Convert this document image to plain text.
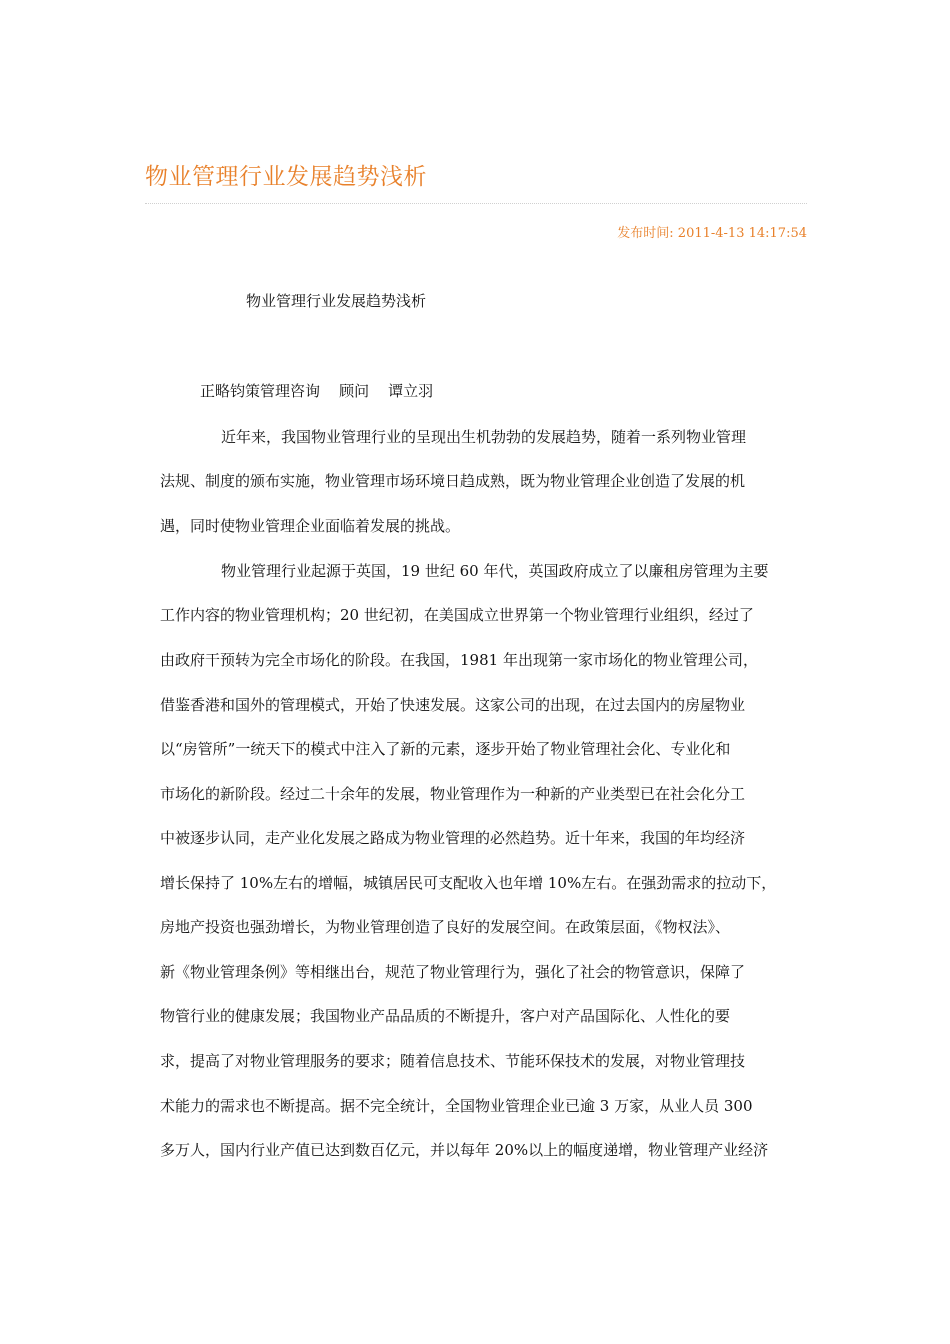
物业管理行业发展趋势浅析
发布时间: 2011-4-13 14:17:54
物业管理行业发展趋势浅析
正略钧策管理咨询    顾问    谭立羽
近年来，我国物业管理行业的呈现出生机勃勃的发展趋势，随着一系列物业管理
法规、制度的颁布实施，物业管理市场环境日趋成熟，既为物业管理企业创造了发展的机
遇，同时使物业管理企业面临着发展的挑战。
物业管理行业起源于英国，19 世纪 60 年代，英国政府成立了以廉租房管理为主要
工作内容的物业管理机构；20 世纪初，在美国成立世界第一个物业管理行业组织，经过了
由政府干预转为完全市场化的阶段。在我国，1981 年出现第一家市场化的物业管理公司，
借鉴香港和国外的管理模式，开始了快速发展。这家公司的出现，在过去国内的房屋物业
以“房管所”一统天下的模式中注入了新的元素，逐步开始了物业管理社会化、专业化和
市场化的新阶段。经过二十余年的发展，物业管理作为一种新的产业类型已在社会化分工
中被逐步认同，走产业化发展之路成为物业管理的必然趋势。近十年来，我国的年均经济
增长保持了 10%左右的增幅，城镇居民可支配收入也年增 10%左右。在强劲需求的拉动下，
房地产投资也强劲增长，为物业管理创造了良好的发展空间。在政策层面，《物权法》、
新《物业管理条例》等相继出台，规范了物业管理行为，强化了社会的物管意识，保障了
物管行业的健康发展；我国物业产品品质的不断提升，客户对产品国际化、人性化的要
求，提高了对物业管理服务的要求；随着信息技术、节能环保技术的发展，对物业管理技
术能力的需求也不断提高。据不完全统计，全国物业管理企业已逾 3 万家，从业人员 300
多万人，国内行业产值已达到数百亿元，并以每年 20%以上的幅度递增，物业管理产业经济
